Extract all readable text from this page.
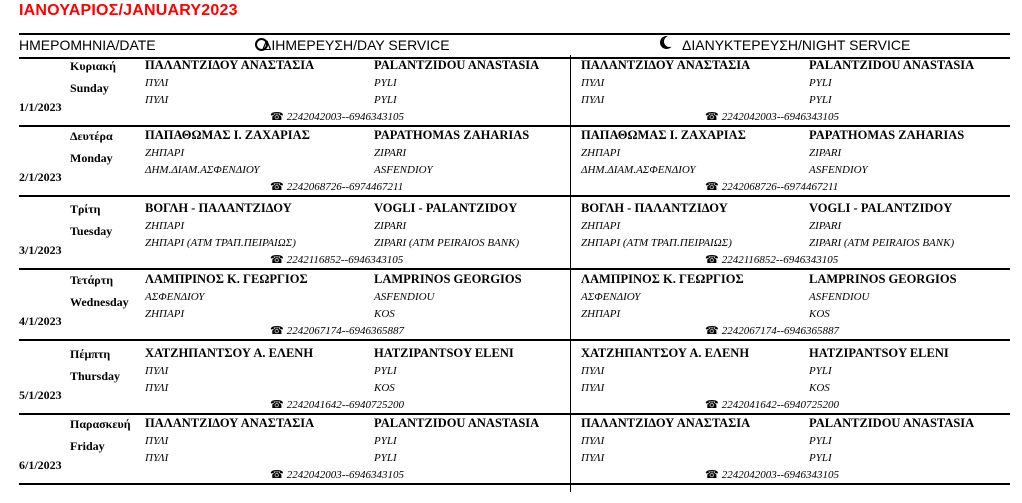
ΙΑΝΟΥΑΡΙΟΣ/JANUARY2023
ΗΜΕΡΟΜΗΝΙΑ/DATE	ΔΙΗΜΕΡΕΥΣΗ/DAY SERVICE	ΔΙΑΝΥΚΤΕΡΕΥΣΗ/NIGHT SERVICE
1/1/2023
Κυριακή
Sunday
ΠΑΛΑΝΤΖΙΔΟΥ ΑΝΑΣΤΑΣΙΑ	PALANTZIDOU ANASTASIA
ΠΥΛΙ	PYLI
ΠΥΛΙ	PYLI
☎ 2242042003--6946343105
ΠΑΛΑΝΤΖΙΔΟΥ ΑΝΑΣΤΑΣΙΑ	PALANTZIDOU ANASTASIA
ΠΥΛΙ	PYLI
ΠΥΛΙ	PYLI
☎ 2242042003--6946343105
2/1/2023
Δευτέρα
Monday
ΠΑΠΑΘΩΜΑΣ Ι. ΖΑΧΑΡΙΑΣ	PAPATHOMAS ZAHARIAS
ΖΗΠΑΡΙ	ZIPARI
ΔΗΜ.ΔΙΑΜ.ΑΣΦΕΝΔΙΟΥ	ASFENDIOY
☎ 2242068726--6974467211
ΠΑΠΑΘΩΜΑΣ Ι. ΖΑΧΑΡΙΑΣ	PAPATHOMAS ZAHARIAS
ΖΗΠΑΡΙ	ZIPARI
ΔΗΜ.ΔΙΑΜ.ΑΣΦΕΝΔΙΟΥ	ASFENDIOY
☎ 2242068726--6974467211
3/1/2023
Τρίτη
Tuesday
ΒΟΓΛΗ - ΠΑΛΑΝΤΖΙΔΟΥ	VOGLI - PALANTZIDOY
ΖΗΠΑΡΙ	ZIPARI
ΖΗΠΑΡΙ (ΑΤΜ ΤΡΑΠ.ΠΕΙΡΑΙΩΣ)	ZIPARI (ATM PEIRAIOS BANK)
☎ 2242116852--6946343105
ΒΟΓΛΗ - ΠΑΛΑΝΤΖΙΔΟΥ	VOGLI - PALANTZIDOY
ΖΗΠΑΡΙ	ZIPARI
ΖΗΠΑΡΙ (ΑΤΜ ΤΡΑΠ.ΠΕΙΡΑΙΩΣ)	ZIPARI (ATM PEIRAIOS BANK)
☎ 2242116852--6946343105
4/1/2023
Τετάρτη
Wednesday
ΛΑΜΠΡΙΝΟΣ Κ. ΓΕΩΡΓΙΟΣ	LAMPRINOS GEORGIOS
ΑΣΦΕΝΔΙΟΥ	ASFENDIOU
ΖΗΠΑΡΙ	KOS
☎ 2242067174--6946365887
ΛΑΜΠΡΙΝΟΣ Κ. ΓΕΩΡΓΙΟΣ	LAMPRINOS GEORGIOS
ΑΣΦΕΝΔΙΟΥ	ASFENDIOU
ΖΗΠΑΡΙ	KOS
☎ 2242067174--6946365887
5/1/2023
Πέμπτη
Thursday
ΧΑΤΖΗΠΑΝΤΣΟΥ Α. ΕΛΕΝΗ	HATZIPANTSOY ELENI
ΠΥΛΙ	PYLI
ΠΥΛΙ	KOS
☎ 2242041642--6940725200
ΧΑΤΖΗΠΑΝΤΣΟΥ Α. ΕΛΕΝΗ	HATZIPANTSOY ELENI
ΠΥΛΙ	PYLI
ΠΥΛΙ	KOS
☎ 2242041642--6940725200
6/1/2023
Παρασκευή
Friday
ΠΑΛΑΝΤΖΙΔΟΥ ΑΝΑΣΤΑΣΙΑ	PALANTZIDOU ANASTASIA
ΠΥΛΙ	PYLI
ΠΥΛΙ	PYLI
☎ 2242042003--6946343105
ΠΑΛΑΝΤΖΙΔΟΥ ΑΝΑΣΤΑΣΙΑ	PALANTZIDOU ANASTASIA
ΠΥΛΙ	PYLI
ΠΥΛΙ	PYLI
☎ 2242042003--6946343105
